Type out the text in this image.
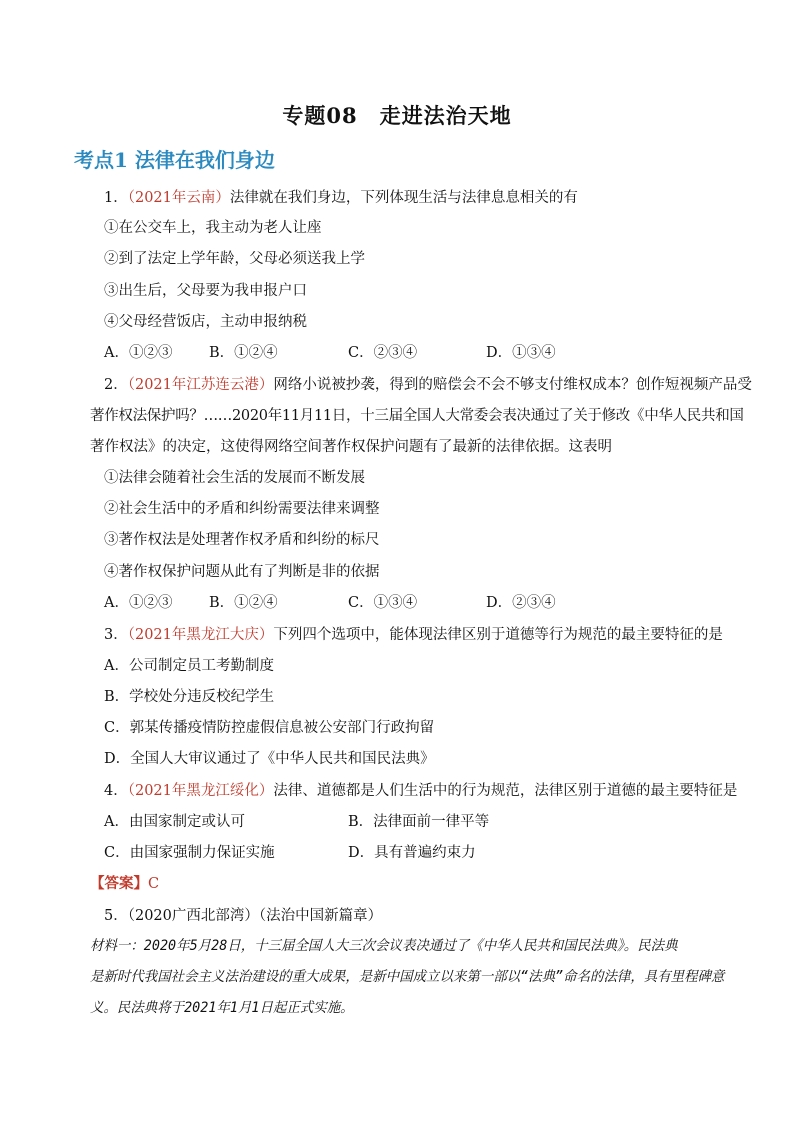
专题08　走进法治天地
考点1 法律在我们身边
1．（2021年云南）法律就在我们身边，下列体现生活与法律息息相关的有
①在公交车上，我主动为老人让座
②到了法定上学年龄，父母必须送我上学
③出生后，父母要为我申报户口
④父母经营饭店，主动申报纳税
A．①②③	B．①②④	C．②③④	D．①③④
2．（2021年江苏连云港）网络小说被抄袭，得到的赔偿会不会不够支付维权成本？创作短视频产品受
著作权法保护吗？……2020年11月11日，十三届全国人大常委会表决通过了关于修改《中华人民共和国
著作权法》的决定，这使得网络空间著作权保护问题有了最新的法律依据。这表明
①法律会随着社会生活的发展而不断发展
②社会生活中的矛盾和纠纷需要法律来调整
③著作权法是处理著作权矛盾和纠纷的标尺
④著作权保护问题从此有了判断是非的依据
A．①②③	B．①②④	C．①③④	D．②③④
3．（2021年黑龙江大庆）下列四个选项中，能体现法律区别于道德等行为规范的最主要特征的是
A．公司制定员工考勤制度
B．学校处分违反校纪学生
C．郭某传播疫情防控虚假信息被公安部门行政拘留
D．全国人大审议通过了《中华人民共和国民法典》
4．（2021年黑龙江绥化）法律、道德都是人们生活中的行为规范，法律区别于道德的最主要特征是
A．由国家制定或认可	B．法律面前一律平等
C．由国家强制力保证实施	D．具有普遍约束力
【答案】C
5．（2020广西北部湾）（法治中国新篇章）
材料一：2020年5月28日，十三届全国人大三次会议表决通过了《中华人民共和国民法典》。民法典
是新时代我国社会主义法治建设的重大成果，是新中国成立以来第一部以“法典”命名的法律，具有里程碑意
义。民法典将于2021年1月1日起正式实施。
